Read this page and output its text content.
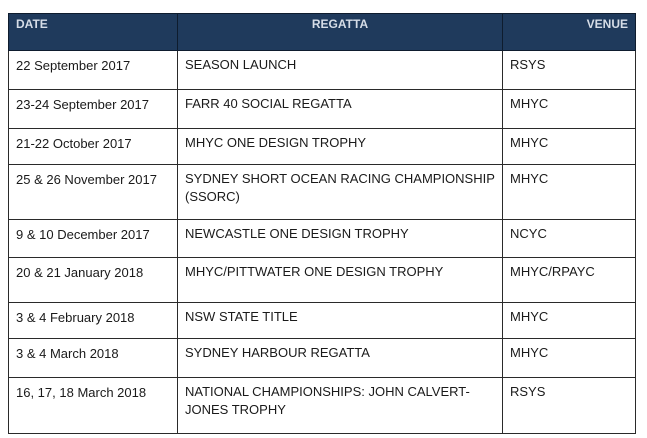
DATE	REGATTA	VENUE
22 September 2017	SEASON LAUNCH	RSYS
23-24 September 2017	FARR 40 SOCIAL REGATTA	MHYC
21-22 October 2017	MHYC ONE DESIGN TROPHY	MHYC
25 & 26 November 2017	SYDNEY SHORT OCEAN RACING CHAMPIONSHIP (SSORC)	MHYC
9 & 10 December 2017	NEWCASTLE ONE DESIGN TROPHY	NCYC
20 & 21 January 2018	MHYC/PITTWATER ONE DESIGN TROPHY	MHYC/RPAYC
3 & 4 February 2018	NSW STATE TITLE	MHYC
3 & 4 March 2018	SYDNEY HARBOUR REGATTA	MHYC
16, 17, 18 March 2018	NATIONAL CHAMPIONSHIPS: JOHN CALVERT-JONES TROPHY	RSYS
